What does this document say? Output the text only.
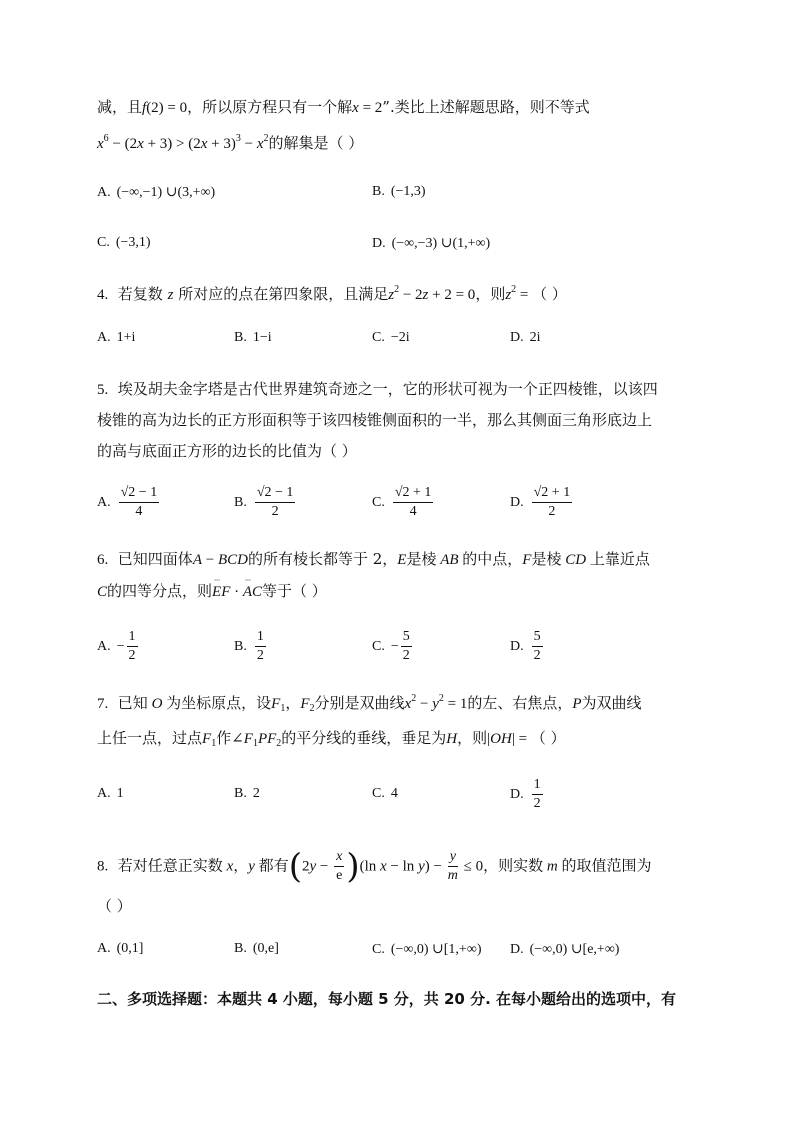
减，且f(2) = 0，所以原方程只有一个解x = 2”.类比上述解题思路，则不等式
$x^6 - (2x + 3) > (2x + 3)^3 - x^2$的解集是（ ）
A. (−∞,−1) ∪(3,+∞)	B. (−1,3)
C. (−3,1)	D. (−∞,−3) ∪(1,+∞)
4. 若复数 z 所对应的点在第四象限，且满足$z^2 - 2z + 2 = 0$，则$z^2$ = （ ）
A. 1+i	B. 1−i	C. −2i	D. 2i
5. 埃及胡夫金字塔是古代世界建筑奇迹之一，它的形状可视为一个正四棱锥，以该四
棱锥的高为边长的正方形面积等于该四棱锥侧面积的一半，那么其侧面三角形底边上
的高与底面正方形的边长的比值为（ ）
A. $\frac{√2 - 1}{4}$	B. $\frac{√2 - 1}{2}$	C. $\frac{√2 + 1}{4}$	D. $\frac{√2 + 1}{2}$
6. 已知四面体A − BCD的所有棱长都等于 2，E是棱 AB 的中点，F是棱 CD 上靠近点
C的四等分点，则˙˙˙ EF · ˙˙˙ AC等于（ ）
A. − $\frac{1}{2}$	B. $\frac{1}{2}$	C. − $\frac{5}{2}$	D. $\frac{5}{2}$
7. 已知 O 为坐标原点，设$F_1$，$F_2$分别是双曲线$x^2 - y^2 = 1$的左、右焦点，P为双曲线
上任一点，过点$F_1$作$\angle F_1PF_2$的平分线的垂线，垂足为H，则|OH| = （ ）
A. 1	B. 2	C. 4	D. $\frac{1}{2}$
8. 若对任意正实数 x，y 都有$(2y - \frac{x}{e} )(\ln$ $x - \ln y) - \frac{y}{m} \le 0$，则实数 m 的取值范围为
（ ）
A. (0,1]	B. (0,e]	C. (−∞,0) ∪[1,+∞) D. (−∞,0) ∪[e,+∞)
二、多项选择题：本题共 4 小题，每小题 5 分，共 20 分. 在每小题给出的选项中，有
